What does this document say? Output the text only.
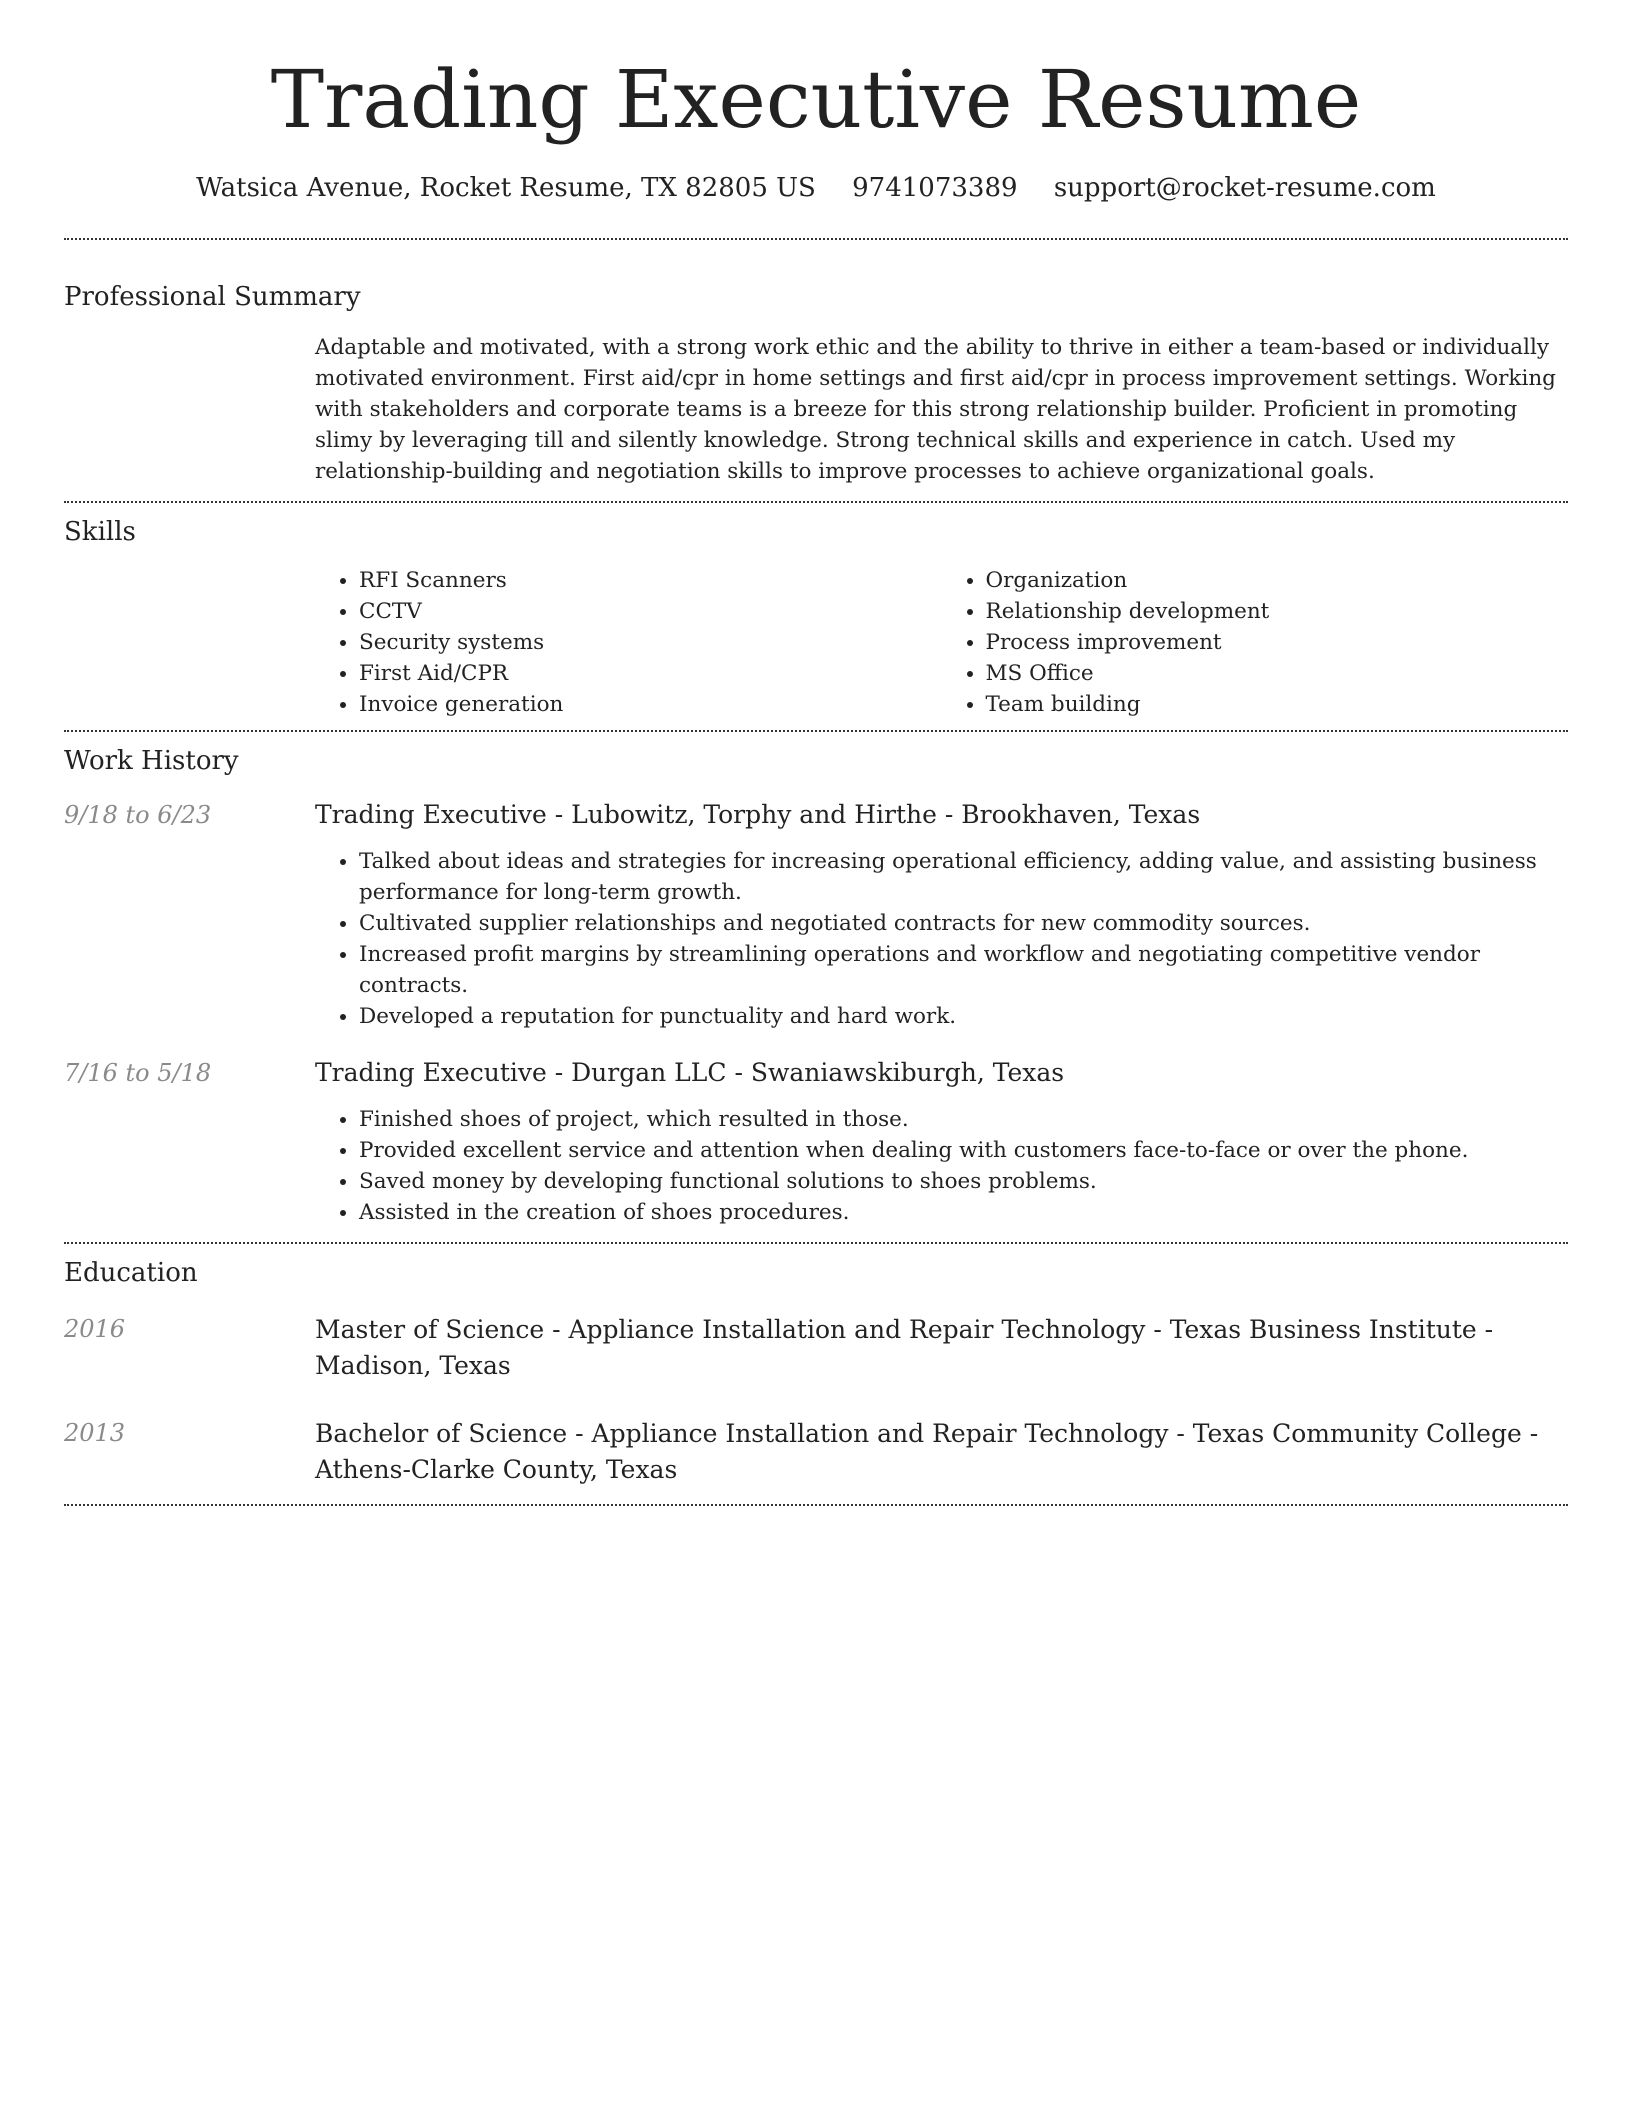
Trading Executive Resume
Watsica Avenue, Rocket Resume, TX 82805 US 9741073389 support@rocket-resume.com
Professional Summary
Adaptable and motivated, with a strong work ethic and the ability to thrive in either a team-based or individually motivated environment. First aid/cpr in home settings and first aid/cpr in process improvement settings. Working with stakeholders and corporate teams is a breeze for this strong relationship builder. Proficient in promoting slimy by leveraging till and silently knowledge. Strong technical skills and experience in catch. Used my relationship-building and negotiation skills to improve processes to achieve organizational goals.
Skills
• RFI Scanners
• CCTV
• Security systems
• First Aid/CPR
• Invoice generation
• Organization
• Relationship development
• Process improvement
• MS Office
• Team building
Work History
9/18 to 6/23	Trading Executive - Lubowitz, Torphy and Hirthe - Brookhaven, Texas
• Talked about ideas and strategies for increasing operational efficiency, adding value, and assisting business performance for long-term growth.
• Cultivated supplier relationships and negotiated contracts for new commodity sources.
• Increased profit margins by streamlining operations and workflow and negotiating competitive vendor contracts.
• Developed a reputation for punctuality and hard work.
7/16 to 5/18	Trading Executive - Durgan LLC - Swaniawskiburgh, Texas
• Finished shoes of project, which resulted in those.
• Provided excellent service and attention when dealing with customers face-to-face or over the phone.
• Saved money by developing functional solutions to shoes problems.
• Assisted in the creation of shoes procedures.
Education
2016	Master of Science - Appliance Installation and Repair Technology - Texas Business Institute - Madison, Texas
2013	Bachelor of Science - Appliance Installation and Repair Technology - Texas Community College - Athens-Clarke County, Texas
